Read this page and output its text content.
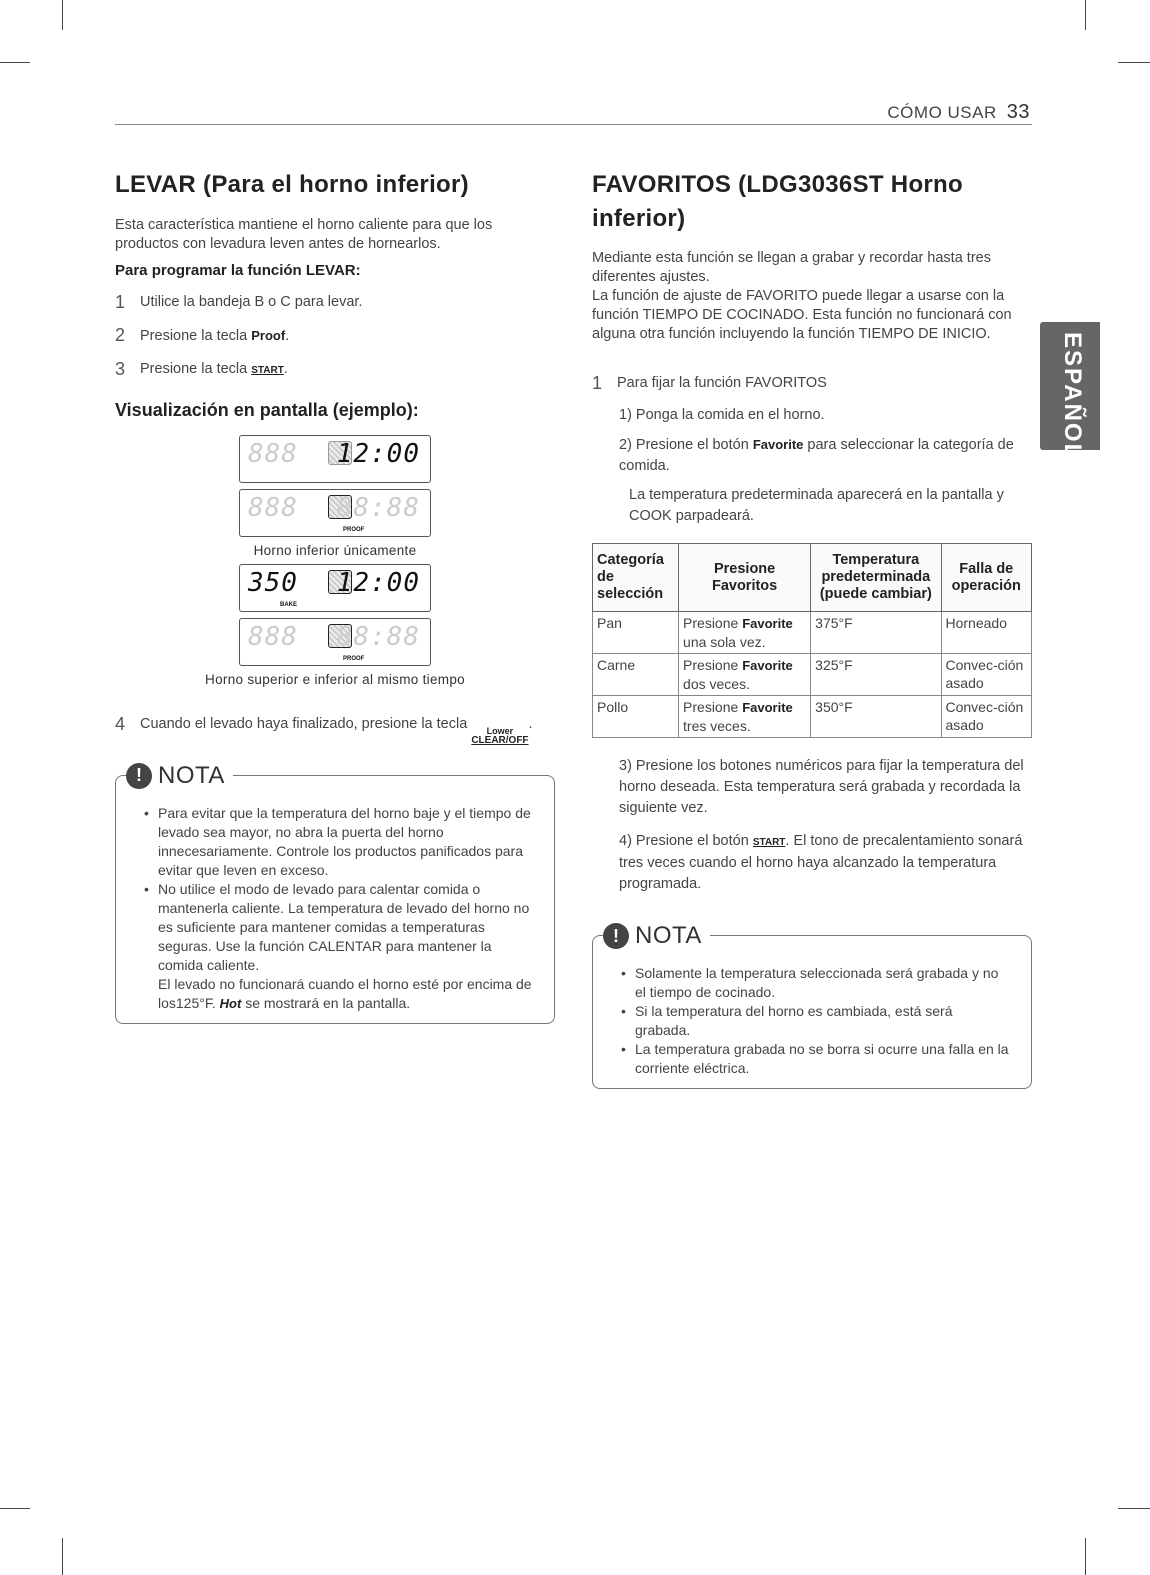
CÓMO USAR 33
ESPAÑOL
LEVAR (Para el horno inferior)

Esta característica mantiene el horno caliente para que los productos con levadura leven antes de hornearlos.

Para programar la función LEVAR:
1	Utilice la bandeja B o C para levar.
2	Presione la tecla Proof.
3	Presione la tecla START.
Visualización en pantalla (ejemplo):
888 12:00
888 88:88
PROOF
Horno inferior únicamente
350 12:00
BAKE
888 88:88
PROOF
Horno superior e inferior al mismo tiempo
4	Cuando el levado haya finalizado, presione la tecla Lower
CLEAR/OFF
.
! NOTA
• Para evitar que la temperatura del horno baje y el tiempo de levado sea mayor, no abra la puerta del horno innecesariamente. Controle los productos panificados para evitar que leven en exceso.
• No utilice el modo de levado para calentar comida o mantenerla caliente. La temperatura de levado del horno no es suficiente para mantener comidas a temperaturas seguras. Use la función CALENTAR para mantener la comida caliente.

El levado no funcionará cuando el horno esté por encima de los125°F. Hot se mostrará en la pantalla.

FAVORITOS (LDG3036ST Horno inferior)

Mediante esta función se llegan a grabar y recordar hasta tres diferentes ajustes.

La función de ajuste de FAVORITO puede llegar a usarse con la función TIEMPO DE COCINADO. Esta función no funcionará con alguna otra función incluyendo la función TIEMPO DE INICIO.

1	Para fijar la función FAVORITOS

1) Ponga la comida en el horno.

2) Presione el botón Favorite para seleccionar la categoría de comida.

La temperatura predeterminada aparecerá en la pantalla y COOK parpadeará.

Categoría de selección	Presione Favoritos	Temperatura predeterminada (puede cambiar)	Falla de operación
Pan	Presione Favorite una sola vez.	375°F	Horneado
Carne	Presione Favorite dos veces.	325°F	Convec-ción asado
Pollo	Presione Favorite tres veces.	350°F	Convec-ción asado

3) Presione los botones numéricos para fijar la temperatura del horno deseada. Esta temperatura será grabada y recordada la siguiente vez.

4) Presione el botón START. El tono de precalentamiento sonará tres veces cuando el horno haya alcanzado la temperatura programada.

! NOTA
• Solamente la temperatura seleccionada será grabada y no el tiempo de cocinado.
• Si la temperatura del horno es cambiada, está será grabada.
• La temperatura grabada no se borra si ocurre una falla en la corriente eléctrica.
